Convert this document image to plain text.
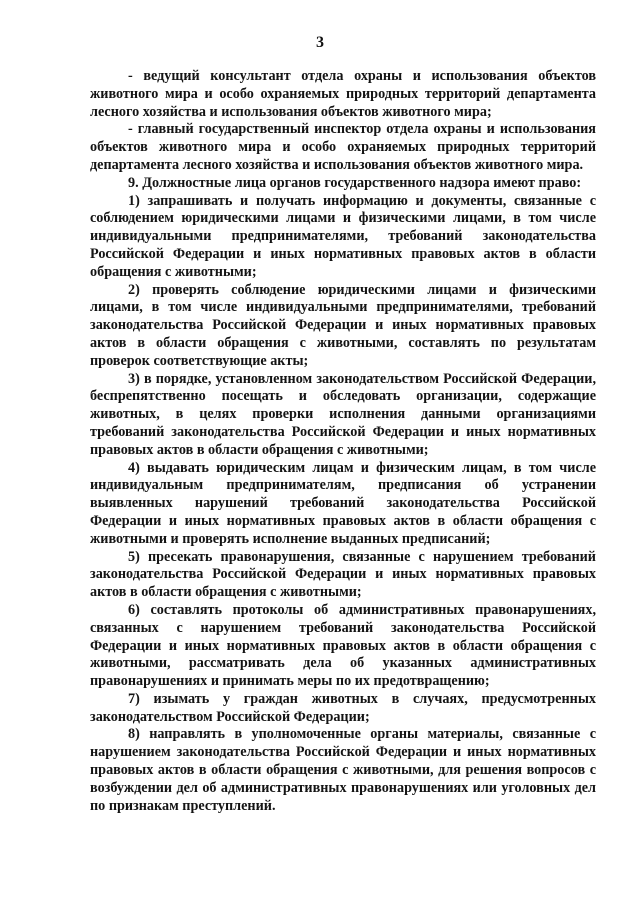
3

- ведущий консультант отдела охраны и использования объектов животного мира и особо охраняемых природных территорий департамента лесного хозяйства и использования объектов животного мира;

- главный государственный инспектор отдела охраны и использования объектов животного мира и особо охраняемых природных территорий департамента лесного хозяйства и использования объектов животного мира.

9. Должностные лица органов государственного надзора имеют право:

1) запрашивать и получать информацию и документы, связанные с соблюдением юридическими лицами и физическими лицами, в том числе индивидуальными предпринимателями, требований законодательства Российской Федерации и иных нормативных правовых актов в области обращения с животными;

2) проверять соблюдение юридическими лицами и физическими лицами, в том числе индивидуальными предпринимателями, требований законодательства Российской Федерации и иных нормативных правовых актов в области обращения с животными, составлять по результатам проверок соответствующие акты;

3) в порядке, установленном законодательством Российской Федерации, беспрепятственно посещать и обследовать организации, содержащие животных, в целях проверки исполнения данными организациями требований законодательства Российской Федерации и иных нормативных правовых актов в области обращения с животными;

4) выдавать юридическим лицам и физическим лицам, в том числе индивидуальным предпринимателям, предписания об устранении выявленных нарушений требований законодательства Российской Федерации и иных нормативных правовых актов в области обращения с животными и проверять исполнение выданных предписаний;

5) пресекать правонарушения, связанные с нарушением требований законодательства Российской Федерации и иных нормативных правовых актов в области обращения с животными;

6) составлять протоколы об административных правонарушениях, связанных с нарушением требований законодательства Российской Федерации и иных нормативных правовых актов в области обращения с животными, рассматривать дела об указанных административных правонарушениях и принимать меры по их предотвращению;

7) изымать у граждан животных в случаях, предусмотренных законодательством Российской Федерации;

8) направлять в уполномоченные органы материалы, связанные с нарушением законодательства Российской Федерации и иных нормативных правовых актов в области обращения с животными, для решения вопросов с возбуждении дел об административных правонарушениях или уголовных дел по признакам преступлений.
